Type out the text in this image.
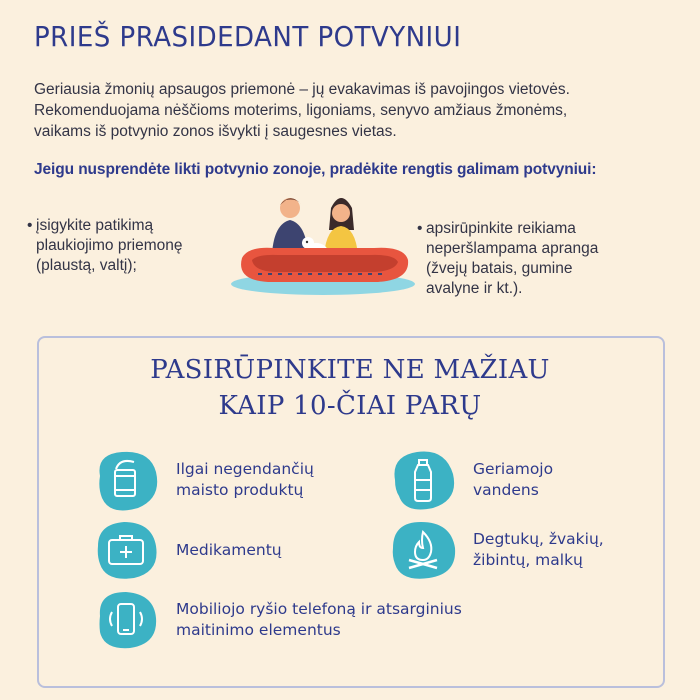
PRIEŠ PRASIDEDANT POTVYNIUI
Geriausia žmonių apsaugos priemonė – jų evakavimas iš pavojingos vietovės.
Rekomenduojama nėščioms moterims, ligoniams, senyvo amžiaus žmonėms,
vaikams iš potvynio zonos išvykti į saugesnes vietas.
Jeigu nusprendėte likti potvynio zonoje, pradėkite rengtis galimam potvyniui:
• įsigykite patikimą
plaukiojimo priemonę
(plaustą, valtį);
• apsirūpinkite reikiama
neperšlampama apranga
(žvejų batais, gumine
avalyne ir kt.).
PASIRŪPINKITE NE MAŽIAU
KAIP 10-ČIAI PARŲ
Ilgai negendančių
maisto produktų
Geriamojo
vandens
Medikamentų
Degtukų, žvakių,
žibintų, malkų
Mobiliojo ryšio telefoną ir atsarginius
maitinimo elementus
